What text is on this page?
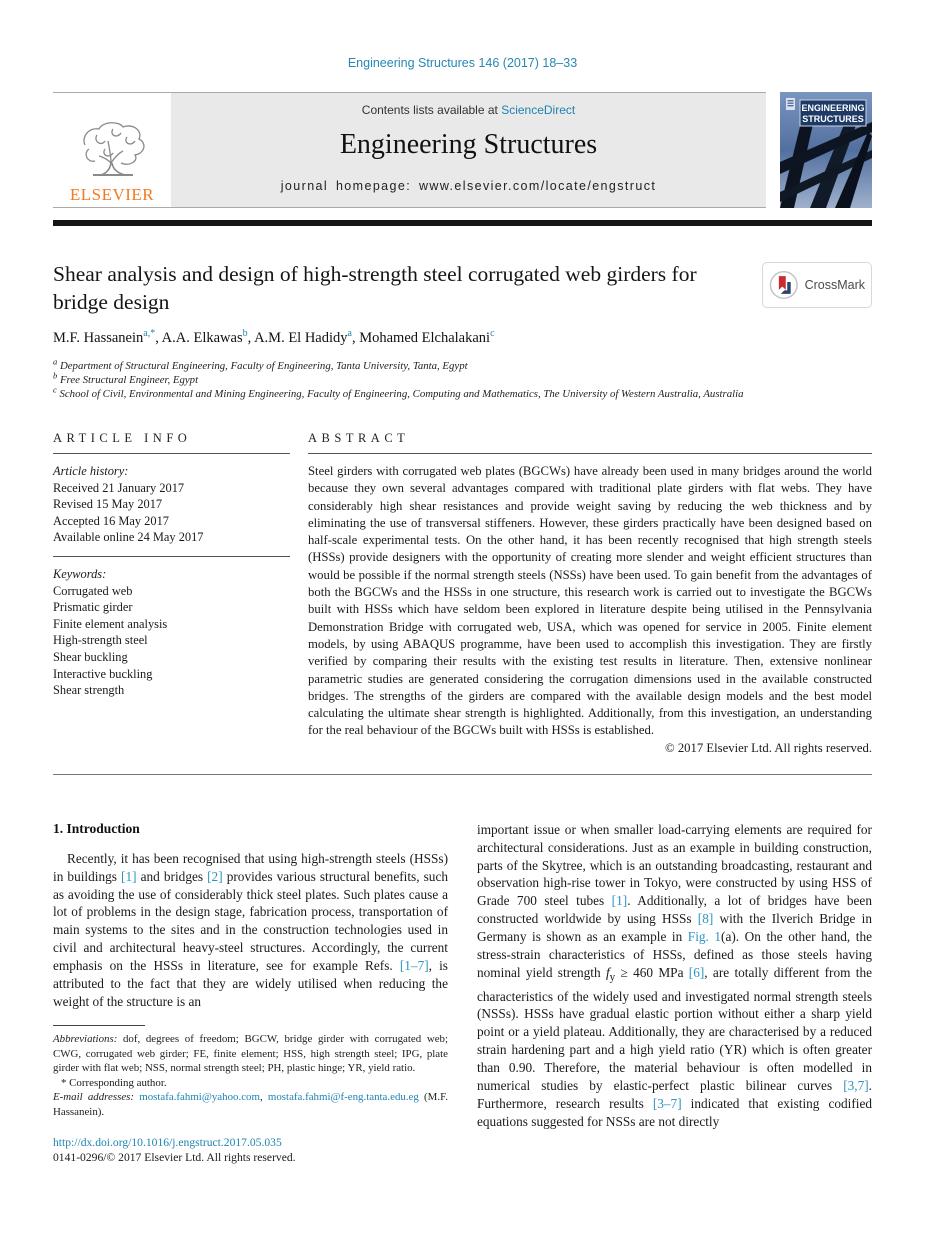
Engineering Structures 146 (2017) 18–33
ELSEVIER
Contents lists available at ScienceDirect
Engineering Structures
journal homepage: www.elsevier.com/locate/engstruct
ENGINEERING
STRUCTURES
Shear analysis and design of high-strength steel corrugated web girders for bridge design
CrossMark
M.F. Hassanein$^{a,*}$, A.A. Elkawas$^b$, A.M. El Hadidy$^a$, Mohamed Elchalakani$^c$
$^a$ Department of Structural Engineering, Faculty of Engineering, Tanta University, Tanta, Egypt
$^b$ Free Structural Engineer, Egypt
$^c$ School of Civil, Environmental and Mining Engineering, Faculty of Engineering, Computing and Mathematics, The University of Western Australia, Australia
ARTICLE INFO
Article history:
Received 21 January 2017
Revised 15 May 2017
Accepted 16 May 2017
Available online 24 May 2017
Keywords:
Corrugated web
Prismatic girder
Finite element analysis
High-strength steel
Shear buckling
Interactive buckling
Shear strength
ABSTRACT
Steel girders with corrugated web plates (BGCWs) have already been used in many bridges around the world because they own several advantages compared with traditional plate girders with flat webs. They have considerably high shear resistances and provide weight saving by reducing the web thickness and by eliminating the use of transversal stiffeners. However, these girders practically have been designed based on half-scale experimental tests. On the other hand, it has been recently recognised that high strength steels (HSSs) provide designers with the opportunity of creating more slender and weight efficient structures than would be possible if the normal strength steels (NSSs) have been used. To gain benefit from the advantages of both the BGCWs and the HSSs in one structure, this research work is carried out to investigate the BGCWs built with HSSs which have seldom been explored in literature despite being utilised in the Pennsylvania Demonstration Bridge with corrugated web, USA, which was opened for service in 2005. Finite element models, by using ABAQUS programme, have been used to accomplish this investigation. They are firstly verified by comparing their results with the existing test results in literature. Then, extensive nonlinear parametric studies are generated considering the corrugation dimensions used in the available constructed bridges. The strengths of the girders are compared with the available design models and the best model calculating the ultimate shear strength is highlighted. Additionally, from this investigation, an understanding for the real behaviour of the BGCWs built with HSSs is established.
© 2017 Elsevier Ltd. All rights reserved.
1. Introduction
Recently, it has been recognised that using high-strength steels (HSSs) in buildings [1] and bridges [2] provides various structural benefits, such as avoiding the use of considerably thick steel plates. Such plates cause a lot of problems in the design stage, fabrication process, transportation of main systems to the sites and in the construction technologies used in civil and architectural heavy-steel structures. Accordingly, the current emphasis on the HSSs in literature, see for example Refs. [1–7], is attributed to the fact that they are widely utilised when reducing the weight of the structure is an
Abbreviations: dof, degrees of freedom; BGCW, bridge girder with corrugated web; CWG, corrugated web girder; FE, finite element; HSS, high strength steel; IPG, plate girder with flat web; NSS, normal strength steel; PH, plastic hinge; YR, yield ratio.
* Corresponding author.
E-mail addresses: mostafa.fahmi@yahoo.com, mostafa.fahmi@f-eng.tanta.edu.eg (M.F. Hassanein).
http://dx.doi.org/10.1016/j.engstruct.2017.05.035
0141-0296/© 2017 Elsevier Ltd. All rights reserved.
important issue or when smaller load-carrying elements are required for architectural considerations. Just as an example in building construction, parts of the Skytree, which is an outstanding broadcasting, restaurant and observation high-rise tower in Tokyo, were constructed by using HSS of Grade 700 steel tubes [1]. Additionally, a lot of bridges have been constructed worldwide by using HSSs [8] with the Ilverich Bridge in Germany is shown as an example in Fig. 1(a). On the other hand, the stress-strain characteristics of HSSs, defined as those steels having nominal yield strength $f_y \ge 460$ MPa [6], are totally different from the characteristics of the widely used and investigated normal strength steels (NSSs). HSSs have gradual elastic portion without either a sharp yield point or a yield plateau. Additionally, they are characterised by a reduced strain hardening part and a high yield ratio (YR) which is often greater than 0.90. Therefore, the material behaviour is often modelled in numerical studies by elastic-perfect plastic bilinear curves [3,7]. Furthermore, research results [3–7] indicated that existing codified equations suggested for NSSs are not directly
